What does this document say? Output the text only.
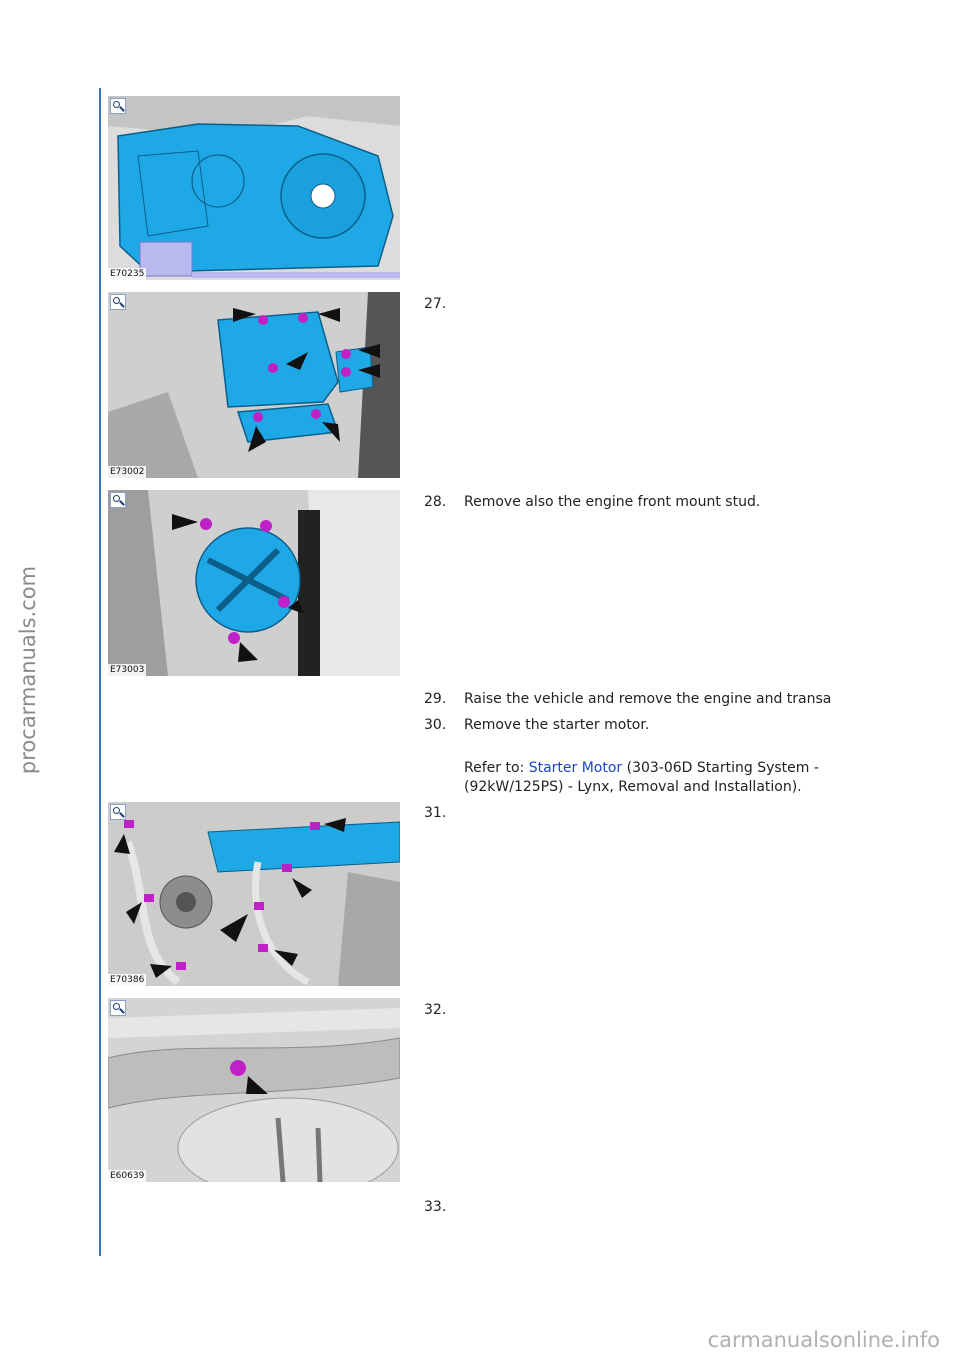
procarmanuals.com
E70235
E73002
E73003
E70386
E60639
27.
28. Remove also the engine front mount stud.
29. Raise the vehicle and remove the engine and transa
30. Remove the starter motor.
Refer to: Starter Motor (303-06D Starting System -
(92kW/125PS) - Lynx, Removal and Installation).
31.
32.
33.
carmanualsonline.info
